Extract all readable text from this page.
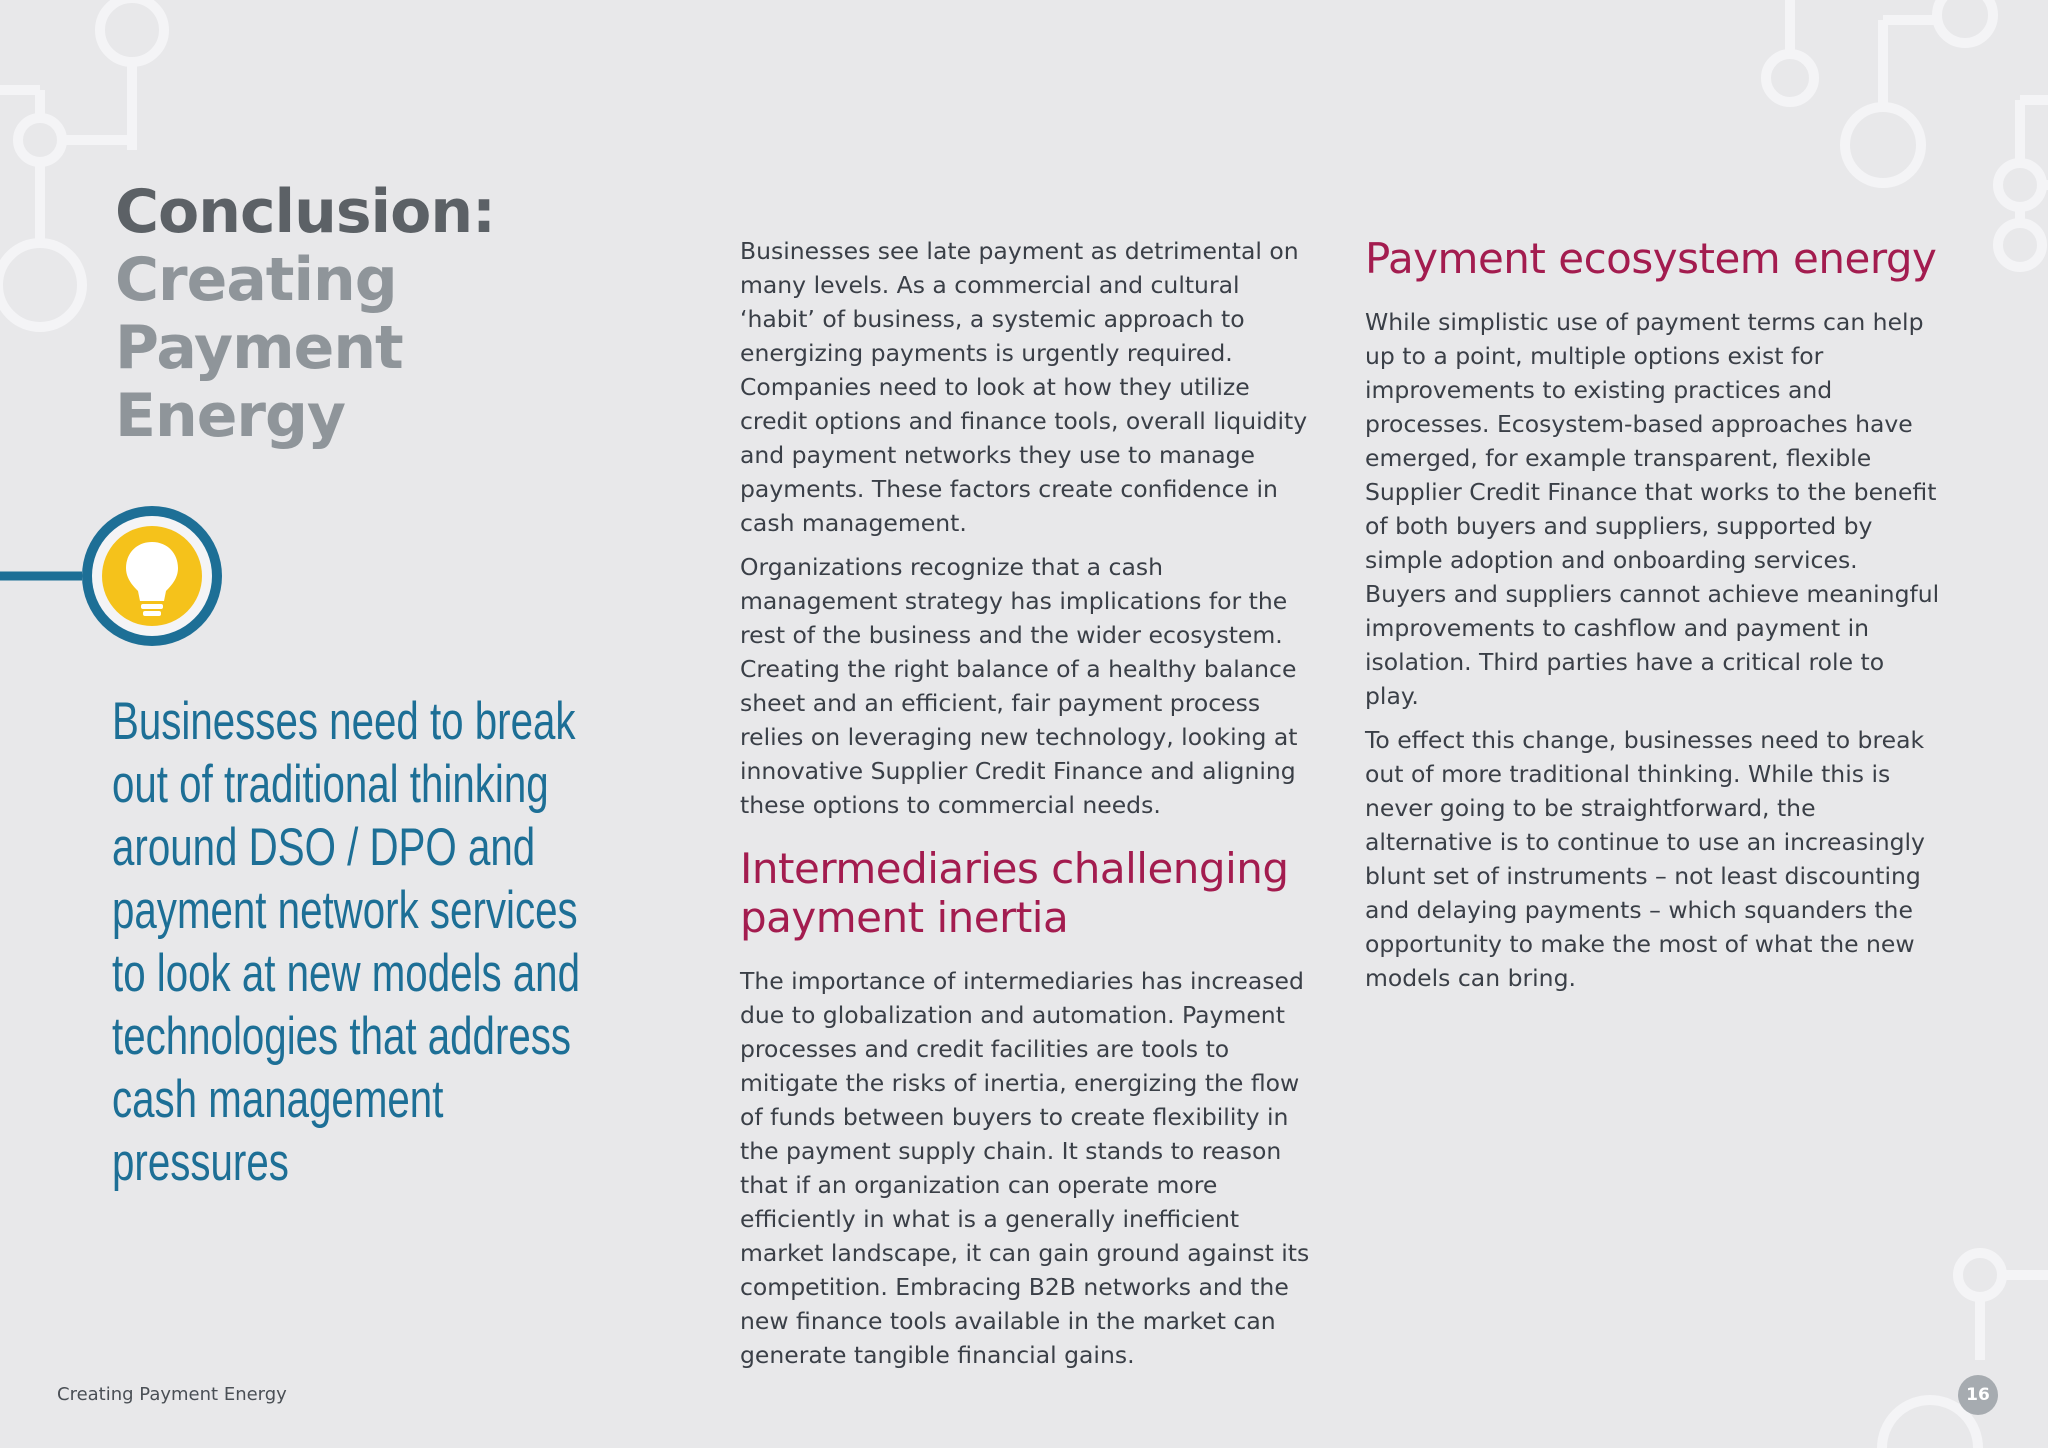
Conclusion:
Creating
Payment
Energy

Businesses need to break out of traditional thinking around DSO / DPO and payment network services to look at new models and technologies that address cash management pressures

Businesses see late payment as detrimental on many levels. As a commercial and cultural ‘habit’ of business, a systemic approach to energizing payments is urgently required. Companies need to look at how they utilize credit options and finance tools, overall liquidity and payment networks they use to manage payments. These factors create confidence in cash management.

Organizations recognize that a cash management strategy has implications for the rest of the business and the wider ecosystem. Creating the right balance of a healthy balance sheet and an efficient, fair payment process relies on leveraging new technology, looking at innovative Supplier Credit Finance and aligning these options to commercial needs.

Intermediaries challenging payment inertia

The importance of intermediaries has increased due to globalization and automation. Payment processes and credit facilities are tools to mitigate the risks of inertia, energizing the flow of funds between buyers to create flexibility in the payment supply chain. It stands to reason that if an organization can operate more efficiently in what is a generally inefficient market landscape, it can gain ground against its competition. Embracing B2B networks and the new finance tools available in the market can generate tangible financial gains.

Payment ecosystem energy

While simplistic use of payment terms can help up to a point, multiple options exist for improvements to existing practices and processes. Ecosystem-based approaches have emerged, for example transparent, flexible Supplier Credit Finance that works to the benefit of both buyers and suppliers, supported by simple adoption and onboarding services. Buyers and suppliers cannot achieve meaningful improvements to cashflow and payment in isolation. Third parties have a critical role to play.

To effect this change, businesses need to break out of more traditional thinking. While this is never going to be straightforward, the alternative is to continue to use an increasingly blunt set of instruments – not least discounting and delaying payments – which squanders the opportunity to make the most of what the new models can bring.

Creating Payment Energy	16
